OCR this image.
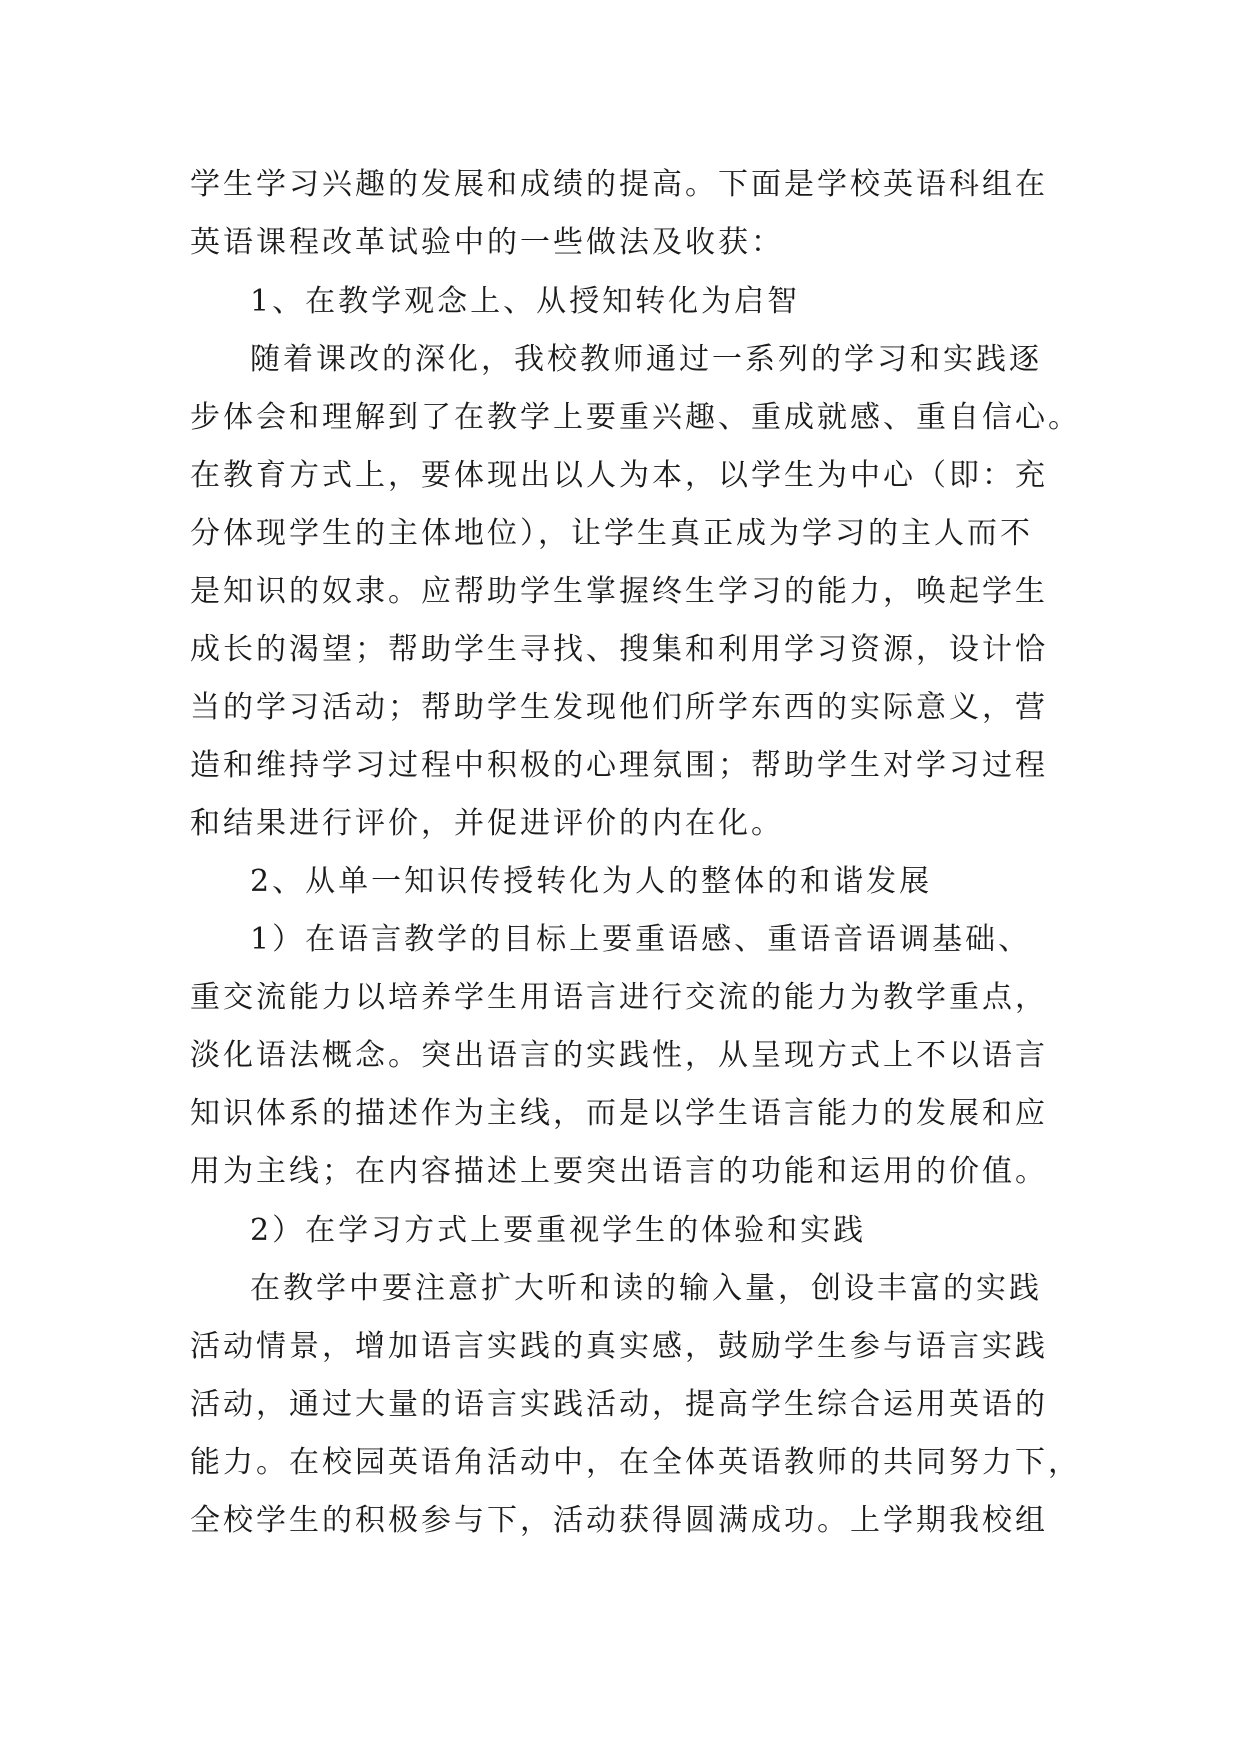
学生学习兴趣的发展和成绩的提高。下面是学校英语科组在
英语课程改革试验中的一些做法及收获：
1、在教学观念上、从授知转化为启智
随着课改的深化，我校教师通过一系列的学习和实践逐
步体会和理解到了在教学上要重兴趣、重成就感、重自信心。
在教育方式上，要体现出以人为本，以学生为中心（即：充
分体现学生的主体地位），让学生真正成为学习的主人而不
是知识的奴隶。应帮助学生掌握终生学习的能力，唤起学生
成长的渴望；帮助学生寻找、搜集和利用学习资源，设计恰
当的学习活动；帮助学生发现他们所学东西的实际意义，营
造和维持学习过程中积极的心理氛围；帮助学生对学习过程
和结果进行评价，并促进评价的内在化。
2、从单一知识传授转化为人的整体的和谐发展
1）在语言教学的目标上要重语感、重语音语调基础、
重交流能力以培养学生用语言进行交流的能力为教学重点，
淡化语法概念。突出语言的实践性，从呈现方式上不以语言
知识体系的描述作为主线，而是以学生语言能力的发展和应
用为主线；在内容描述上要突出语言的功能和运用的价值。
2）在学习方式上要重视学生的体验和实践
在教学中要注意扩大听和读的输入量，创设丰富的实践
活动情景，增加语言实践的真实感，鼓励学生参与语言实践
活动，通过大量的语言实践活动，提高学生综合运用英语的
能力。在校园英语角活动中，在全体英语教师的共同努力下，
全校学生的积极参与下，活动获得圆满成功。上学期我校组
